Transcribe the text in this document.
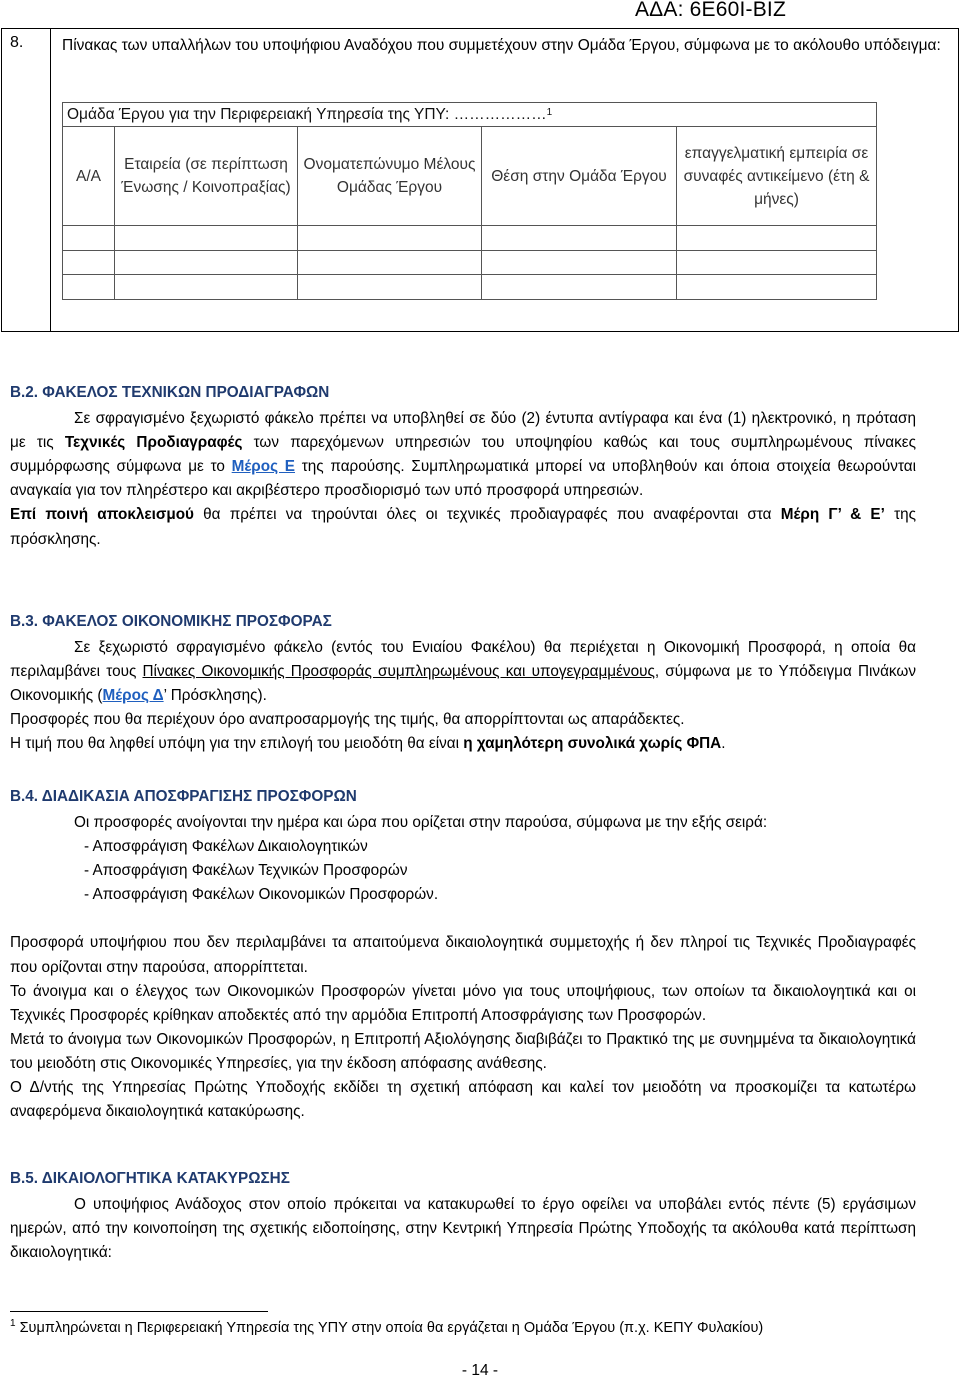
ΑΔΑ: 6Ε60Ι-ΒΙΖ
8. Πίνακας των υπαλλήλων του υποψήφιου Αναδόχου που συμμετέχουν στην Ομάδα Έργου, σύμφωνα με το ακόλουθο υπόδειγμα:
Ομάδα Έργου για την Περιφερειακή Υπηρεσία της ΥΠΥ: ………………$^1$
Α/Α	Εταιρεία (σε περίπτωση Ένωσης / Κοινοπραξίας)	Ονοματεπώνυμο Μέλους Ομάδας Έργου	Θέση στην Ομάδα Έργου	επαγγελματική εμπειρία σε συναφές αντικείμενο (έτη & μήνες)

Β.2. ΦΑΚΕΛΟΣ ΤΕΧΝΙΚΩΝ ΠΡΟΔΙΑΓΡΑΦΩΝ

Σε σφραγισμένο ξεχωριστό φάκελο πρέπει να υποβληθεί σε δύο (2) έντυπα αντίγραφα και ένα (1) ηλεκτρονικό, η πρόταση με τις Τεχνικές Προδιαγραφές των παρεχόμενων υπηρεσιών του υποψηφίου καθώς και τους συμπληρωμένους πίνακες συμμόρφωσης σύμφωνα με το Μέρος Ε της παρούσης. Συμπληρωματικά μπορεί να υποβληθούν και όποια στοιχεία θεωρούνται αναγκαία για τον πληρέστερο και ακριβέστερο προσδιορισμό των υπό προσφορά υπηρεσιών.

Επί ποινή αποκλεισμού θα πρέπει να τηρούνται όλες οι τεχνικές προδιαγραφές που αναφέρονται στα Μέρη Γ’ & Ε’ της πρόσκλησης.

Β.3. ΦΑΚΕΛΟΣ ΟΙΚΟΝΟΜΙΚΗΣ ΠΡΟΣΦΟΡΑΣ

Σε ξεχωριστό σφραγισμένο φάκελο (εντός του Ενιαίου Φακέλου) θα περιέχεται η Οικονομική Προσφορά, η οποία θα περιλαμβάνει τους Πίνακες Οικονομικής Προσφοράς συμπληρωμένους και υπογεγραμμένους, σύμφωνα με το Υπόδειγμα Πινάκων Οικονομικής (Μέρος Δ’ Πρόσκλησης).

Προσφορές που θα περιέχουν όρο αναπροσαρμογής της τιμής, θα απορρίπτονται ως απαράδεκτες.

Η τιμή που θα ληφθεί υπόψη για την επιλογή του μειοδότη θα είναι η χαμηλότερη συνολικά χωρίς ΦΠΑ.

Β.4. ΔΙΑΔΙΚΑΣΙΑ ΑΠΟΣΦΡΑΓΙΣΗΣ ΠΡΟΣΦΟΡΩΝ

Οι προσφορές ανοίγονται την ημέρα και ώρα που ορίζεται στην παρούσα, σύμφωνα με την εξής σειρά:

- Αποσφράγιση Φακέλων Δικαιολογητικών

- Αποσφράγιση Φακέλων Τεχνικών Προσφορών

- Αποσφράγιση Φακέλων Οικονομικών Προσφορών.

Προσφορά υποψήφιου που δεν περιλαμβάνει τα απαιτούμενα δικαιολογητικά συμμετοχής ή δεν πληροί τις Τεχνικές Προδιαγραφές που ορίζονται στην παρούσα, απορρίπτεται.

Το άνοιγμα και ο έλεγχος των Οικονομικών Προσφορών γίνεται μόνο για τους υποψήφιους, των οποίων τα δικαιολογητικά και οι Τεχνικές Προσφορές κρίθηκαν αποδεκτές από την αρμόδια Επιτροπή Αποσφράγισης των Προσφορών.

Μετά το άνοιγμα των Οικονομικών Προσφορών, η Επιτροπή Αξιολόγησης διαβιβάζει το Πρακτικό της με συνημμένα τα δικαιολογητικά του μειοδότη στις Οικονομικές Υπηρεσίες, για την έκδοση απόφασης ανάθεσης.

Ο Δ/ντής της Υπηρεσίας Πρώτης Υποδοχής εκδίδει τη σχετική απόφαση και καλεί τον μειοδότη να προσκομίζει τα κατωτέρω αναφερόμενα δικαιολογητικά κατακύρωσης.

Β.5. ΔΙΚΑΙΟΛΟΓΗΤΙΚΑ ΚΑΤΑΚΥΡΩΣΗΣ

Ο υποψήφιος Ανάδοχος στον οποίο πρόκειται να κατακυρωθεί το έργο οφείλει να υποβάλει εντός πέντε (5) εργάσιμων ημερών, από την κοινοποίηση της σχετικής ειδοποίησης, στην Κεντρική Υπηρεσία Πρώτης Υποδοχής τα ακόλουθα κατά περίπτωση δικαιολογητικά:

$^1$ Συμπληρώνεται η Περιφερειακή Υπηρεσία της ΥΠΥ στην οποία θα εργάζεται η Ομάδα Έργου (π.χ. ΚΕΠΥ Φυλακίου)
- 14 -
